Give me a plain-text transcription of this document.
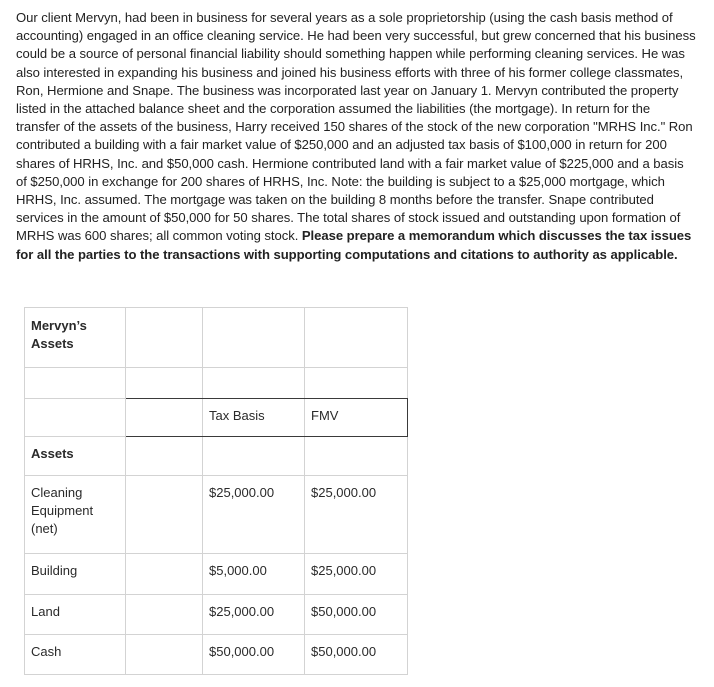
Our client Mervyn, had been in business for several years as a sole proprietorship (using the cash basis method of accounting) engaged in an office cleaning service. He had been very successful, but grew concerned that his business could be a source of personal financial liability should something happen while performing cleaning services. He was also interested in expanding his business and joined his business efforts with three of his former college classmates, Ron, Hermione and Snape. The business was incorporated last year on January 1. Mervyn contributed the property listed in the attached balance sheet and the corporation assumed the liabilities (the mortgage). In return for the transfer of the assets of the business, Harry received 150 shares of the stock of the new corporation "MRHS Inc." Ron contributed a building with a fair market value of $250,000 and an adjusted tax basis of $100,000 in return for 200 shares of HRHS, Inc. and $50,000 cash. Hermione contributed land with a fair market value of $225,000 and a basis of $250,000 in exchange for 200 shares of HRHS, Inc. Note: the building is subject to a $25,000 mortgage, which HRHS, Inc. assumed. The mortgage was taken on the building 8 months before the transfer. Snape contributed services in the amount of $50,000 for 50 shares. The total shares of stock issued and outstanding upon formation of MRHS was 600 shares; all common voting stock. Please prepare a memorandum which discusses the tax issues for all the parties to the transactions with supporting computations and citations to authority as applicable.

Mervyn’s Assets			

		Tax Basis	FMV

Assets			

Cleaning Equipment (net)		$25,000.00	$25,000.00

Building		$5,000.00	$25,000.00

Land		$25,000.00	$50,000.00

Cash		$50,000.00	$50,000.00
